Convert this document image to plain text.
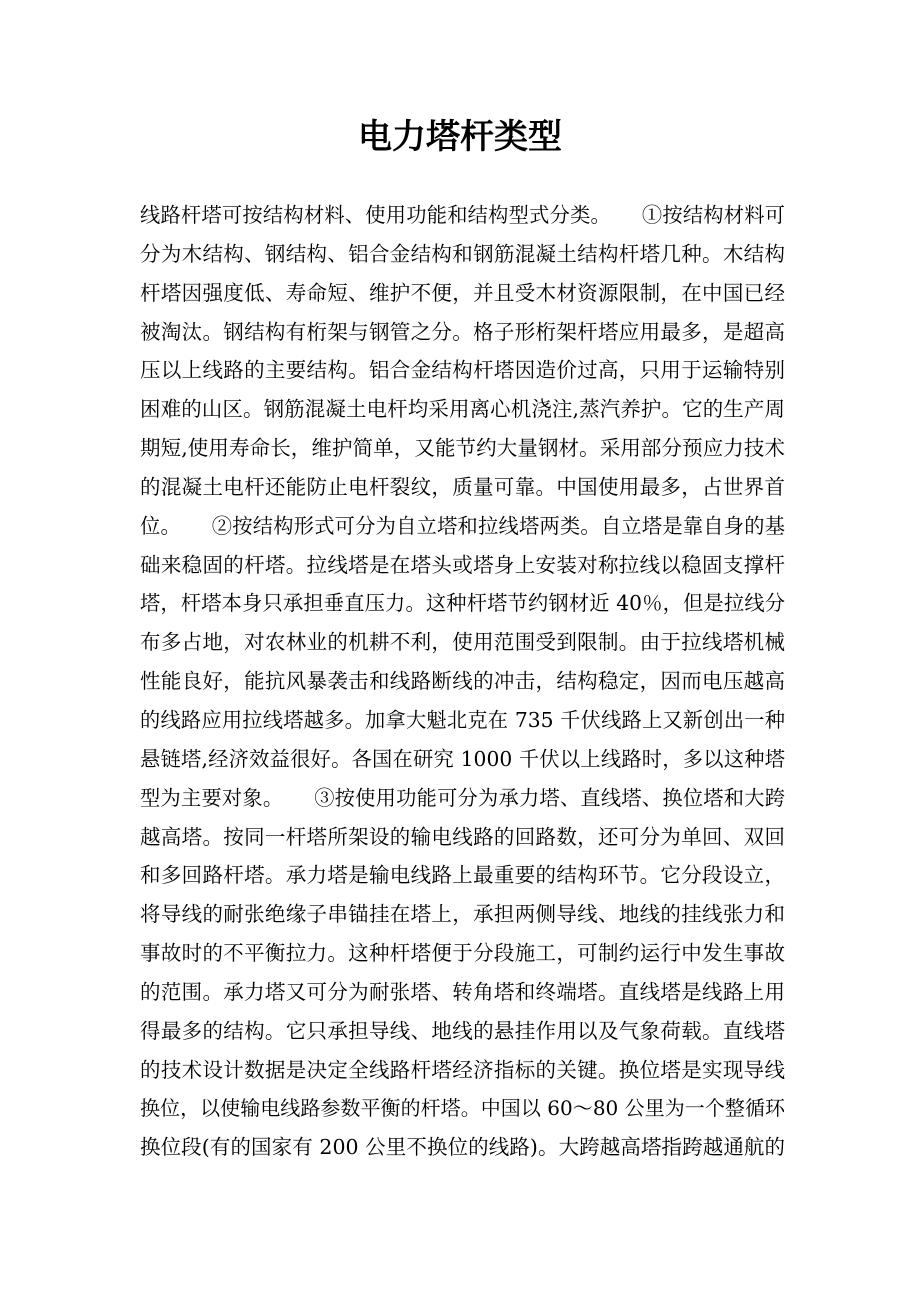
电力塔杆类型
线路杆塔可按结构材料、使用功能和结构型式分类。　　①按结构材料可
分为木结构、钢结构、铝合金结构和钢筋混凝土结构杆塔几种。木结构
杆塔因强度低、寿命短、维护不便，并且受木材资源限制，在中国已经
被淘汰。钢结构有桁架与钢管之分。格子形桁架杆塔应用最多，是超高
压以上线路的主要结构。铝合金结构杆塔因造价过高，只用于运输特别
困难的山区。钢筋混凝土电杆均采用离心机浇注,蒸汽养护。它的生产周
期短,使用寿命长，维护简单，又能节约大量钢材。采用部分预应力技术
的混凝土电杆还能防止电杆裂纹，质量可靠。中国使用最多，占世界首
位。　　②按结构形式可分为自立塔和拉线塔两类。自立塔是靠自身的基
础来稳固的杆塔。拉线塔是在塔头或塔身上安装对称拉线以稳固支撑杆
塔，杆塔本身只承担垂直压力。这种杆塔节约钢材近 40％，但是拉线分
布多占地，对农林业的机耕不利，使用范围受到限制。由于拉线塔机械
性能良好，能抗风暴袭击和线路断线的冲击，结构稳定，因而电压越高
的线路应用拉线塔越多。加拿大魁北克在 735 千伏线路上又新创出一种
悬链塔,经济效益很好。各国在研究 1000 千伏以上线路时，多以这种塔
型为主要对象。　　③按使用功能可分为承力塔、直线塔、换位塔和大跨
越高塔。按同一杆塔所架设的输电线路的回路数，还可分为单回、双回
和多回路杆塔。承力塔是输电线路上最重要的结构环节。它分段设立，
将导线的耐张绝缘子串锚挂在塔上，承担两侧导线、地线的挂线张力和
事故时的不平衡拉力。这种杆塔便于分段施工，可制约运行中发生事故
的范围。承力塔又可分为耐张塔、转角塔和终端塔。直线塔是线路上用
得最多的结构。它只承担导线、地线的悬挂作用以及气象荷载。直线塔
的技术设计数据是决定全线路杆塔经济指标的关键。换位塔是实现导线
换位，以使输电线路参数平衡的杆塔。中国以 60～80 公里为一个整循环
换位段(有的国家有 200 公里不换位的线路)。大跨越高塔指跨越通航的
